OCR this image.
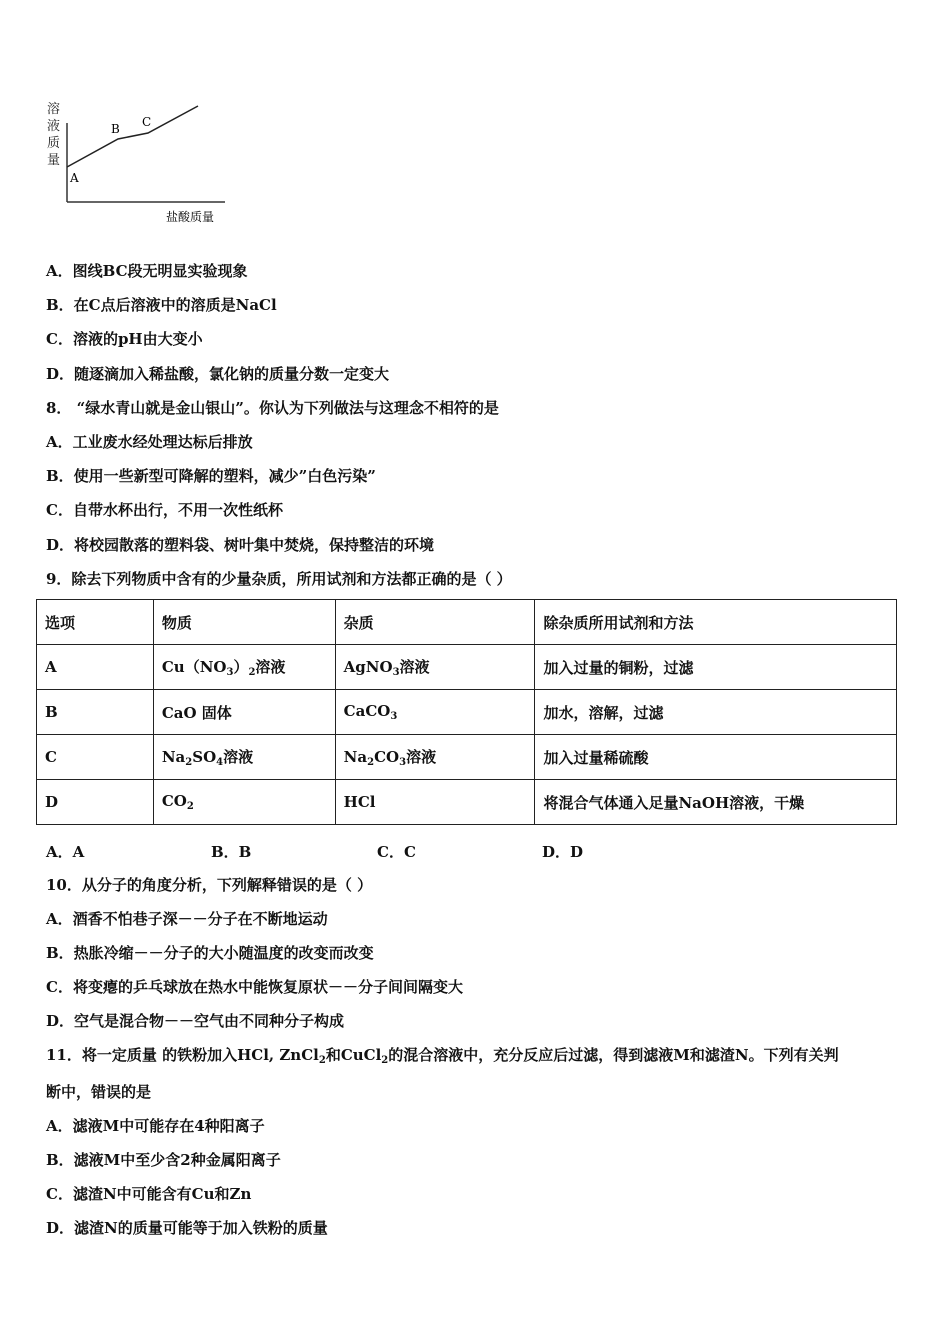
溶
液
质
量
A
B C
盐酸质量
A．图线BC段无明显实验现象
B．在C点后溶液中的溶质是NaCl
C．溶液的pH由大变小
D．随逐滴加入稀盐酸，氯化钠的质量分数一定变大
8． “绿水青山就是金山银山”。你认为下列做法与这理念不相符的是
A．工业废水经处理达标后排放
B．使用一些新型可降解的塑料，减少”白色污染”
C．自带水杯出行，不用一次性纸杯
D．将校园散落的塑料袋、树叶集中焚烧，保持整洁的环境
9．除去下列物质中含有的少量杂质，所用试剂和方法都正确的是（ ）
选项	物质	杂质	除杂质所用试剂和方法
A	$Cu(NO_3)_2$溶液	AgNO$_3$溶液	加入过量的铜粉，过滤
B	CaO 固体	CaCO$_3$	加水，溶解，过滤
C	$Na_2SO_4$溶液	$Na_2CO_3$溶液	加入过量稀硫酸
D	$CO_2$	HCl	将混合气体通入足量NaOH溶液，干燥
A．A	B．B	C．C	D．D
10．从分子的角度分析，下列解释错误的是（ ）
A．酒香不怕巷子深－－分子在不断地运动
B．热胀冷缩－－分子的大小随温度的改变而改变
C．将变瘪的乒乓球放在热水中能恢复原状－－分子间间隔变大
D．空气是混合物－－空气由不同种分子构成
11．将一定质量 的铁粉加入HCl, ZnCl$_2$和CuCl$_2$的混合溶液中，充分反应后过滤，得到滤液M和滤渣N。下列有关判
断中，错误的是
A．滤液M中可能存在4种阳离子
B．滤液M中至少含2种金属阳离子
C．滤渣N中可能含有Cu和Zn
D．滤渣N的质量可能等于加入铁粉的质量
